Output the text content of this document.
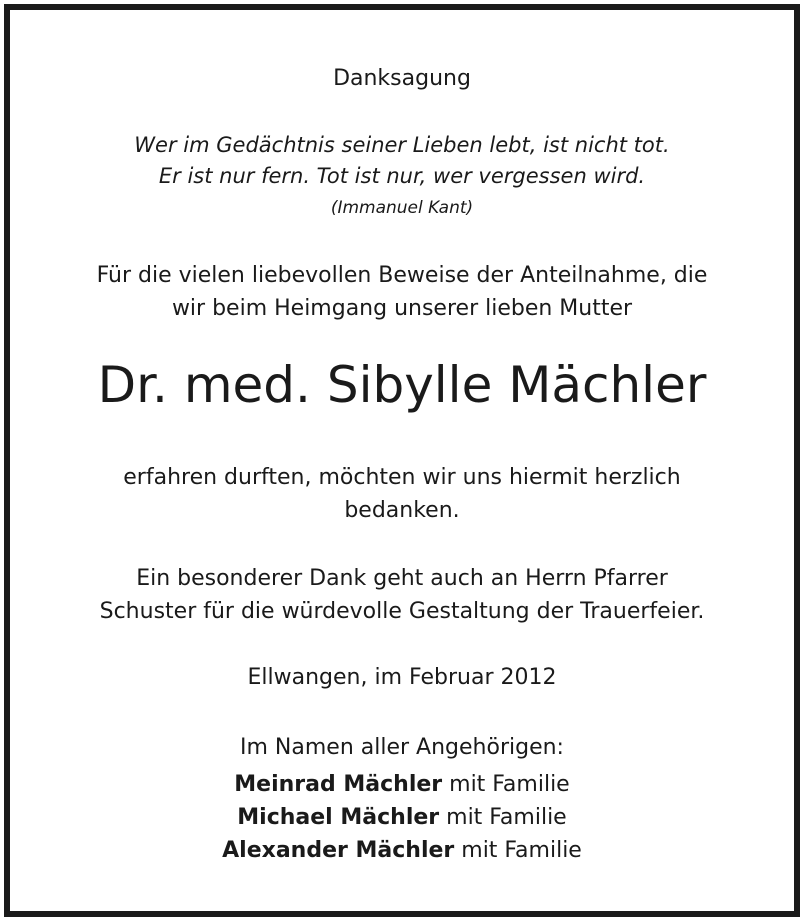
Danksagung

Wer im Gedächtnis seiner Lieben lebt, ist nicht tot.

Er ist nur fern. Tot ist nur, wer vergessen wird.

(Immanuel Kant)

Für die vielen liebevollen Beweise der Anteilnahme, die

wir beim Heimgang unserer lieben Mutter

Dr. med. Sibylle Mächler

erfahren durften, möchten wir uns hiermit herzlich

bedanken.

Ein besonderer Dank geht auch an Herrn Pfarrer

Schuster für die würdevolle Gestaltung der Trauerfeier.

Ellwangen, im Februar 2012

Im Namen aller Angehörigen:

Meinrad Mächler mit Familie

Michael Mächler mit Familie

Alexander Mächler mit Familie
